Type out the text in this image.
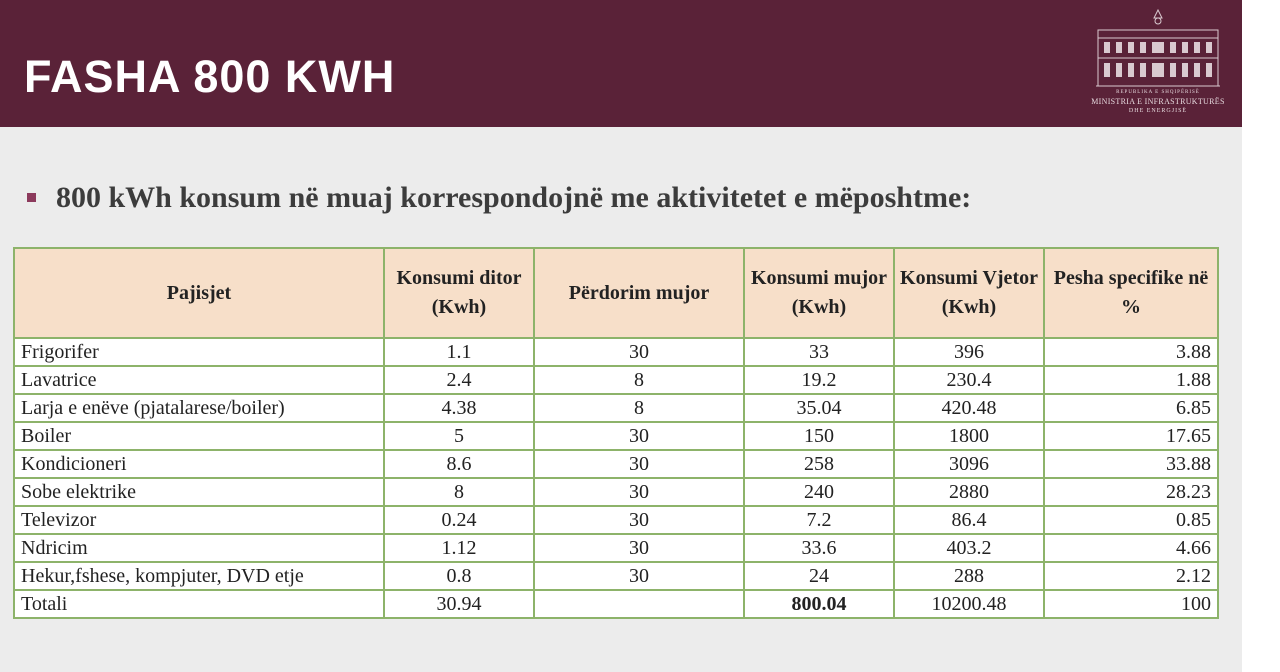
FASHA 800 KWH	REPUBLIKA E SHQIPËRISË
MINISTRIA E INFRASTRUKTURËS
DHE ENERGJISË
800 kWh konsum në muaj korrespondojnë me aktivitetet e mëposhtme:
Pajisjet	Konsumi ditor (Kwh)	Përdorim mujor	Konsumi mujor (Kwh)	Konsumi Vjetor (Kwh)	Pesha specifike në %
Frigorifer	1.1	30	33	396	3.88
Lavatrice	2.4	8	19.2	230.4	1.88
Larja e enëve (pjatalarese/boiler)	4.38	8	35.04	420.48	6.85
Boiler	5	30	150	1800	17.65
Kondicioneri	8.6	30	258	3096	33.88
Sobe elektrike	8	30	240	2880	28.23
Televizor	0.24	30	7.2	86.4	0.85
Ndricim	1.12	30	33.6	403.2	4.66
Hekur,fshese, kompjuter, DVD etje	0.8	30	24	288	2.12
Totali	30.94		800.04	10200.48	100
